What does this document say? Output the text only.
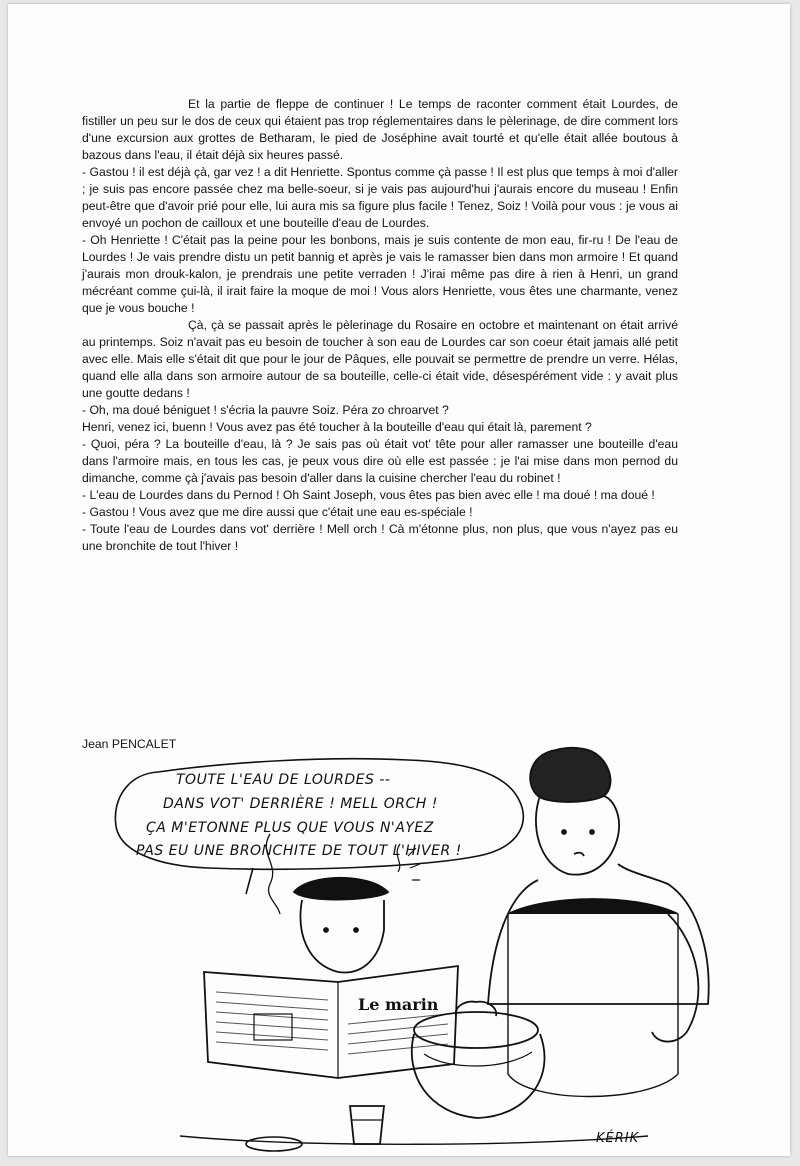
Et la partie de fleppe de continuer ! Le temps de raconter comment était Lourdes, de fistiller un peu sur le dos de ceux qui étaient pas trop réglementaires dans le pèlerinage, de dire comment lors d'une excursion aux grottes de Betharam, le pied de Joséphine avait tourté et qu'elle était allée boutous à bazous dans l'eau, il était déjà six heures passé.

- Gastou ! il est déjà çà, gar vez ! a dit Henriette. Spontus comme çà passe ! Il est plus que temps à moi d'aller ; je suis pas encore passée chez ma belle-soeur, si je vais pas aujourd'hui j'aurais encore du museau ! Enfin peut-être que d'avoir prié pour elle, lui aura mis sa figure plus facile ! Tenez, Soiz ! Voilà pour vous : je vous ai envoyé un pochon de cailloux et une bouteille d'eau de Lourdes.

- Oh Henriette ! C'était pas la peine pour les bonbons, mais je suis contente de mon eau, fir-ru ! De l'eau de Lourdes ! Je vais prendre distu un petit bannig et après je vais le ramasser bien dans mon armoire ! Et quand j'aurais mon drouk-kalon, je prendrais une petite verraden ! J'irai même pas dire à rien à Henri, un grand mécréant comme çui-là, il irait faire la moque de moi ! Vous alors Henriette, vous êtes une charmante, venez que je vous bouche !

Çà, çà se passait après le pèlerinage du Rosaire en octobre et maintenant on était arrivé au printemps. Soiz n'avait pas eu besoin de toucher à son eau de Lourdes car son coeur était jamais allé petit avec elle. Mais elle s'était dit que pour le jour de Pâques, elle pouvait se permettre de prendre un verre. Hélas, quand elle alla dans son armoire autour de sa bouteille, celle-ci était vide, désespérément vide : y avait plus une goutte dedans !

- Oh, ma doué béniguet ! s'écria la pauvre Soiz. Péra zo chroarvet ?

Henri, venez ici, buenn ! Vous avez pas été toucher à la bouteille d'eau qui était là, parement ?

- Quoi, péra ? La bouteille d'eau, là ? Je sais pas où était vot' tête pour aller ramasser une bouteille d'eau dans l'armoire mais, en tous les cas, je peux vous dire où elle est passée : je l'ai mise dans mon pernod du dimanche, comme çà j'avais pas besoin d'aller dans la cuisine chercher l'eau du robinet !

- L'eau de Lourdes dans du Pernod ! Oh Saint Joseph, vous êtes pas bien avec elle ! ma doué ! ma doué !

- Gastou ! Vous avez que me dire aussi que c'était une eau es-spéciale !

- Toute l'eau de Lourdes dans vot' derrière ! Mell orch ! Cà m'étonne plus, non plus, que vous n'ayez pas eu une bronchite de tout l'hiver !

Jean PENCALET
TOUTE L'EAU DE LOURDES --
DANS VOT' DERRIÈRE ! MELL ORCH !
ÇA M'ETONNE PLUS QUE VOUS N'AYEZ
PAS EU UNE BRONCHITE DE TOUT L'HIVER !
Le marin
KÉRIK
